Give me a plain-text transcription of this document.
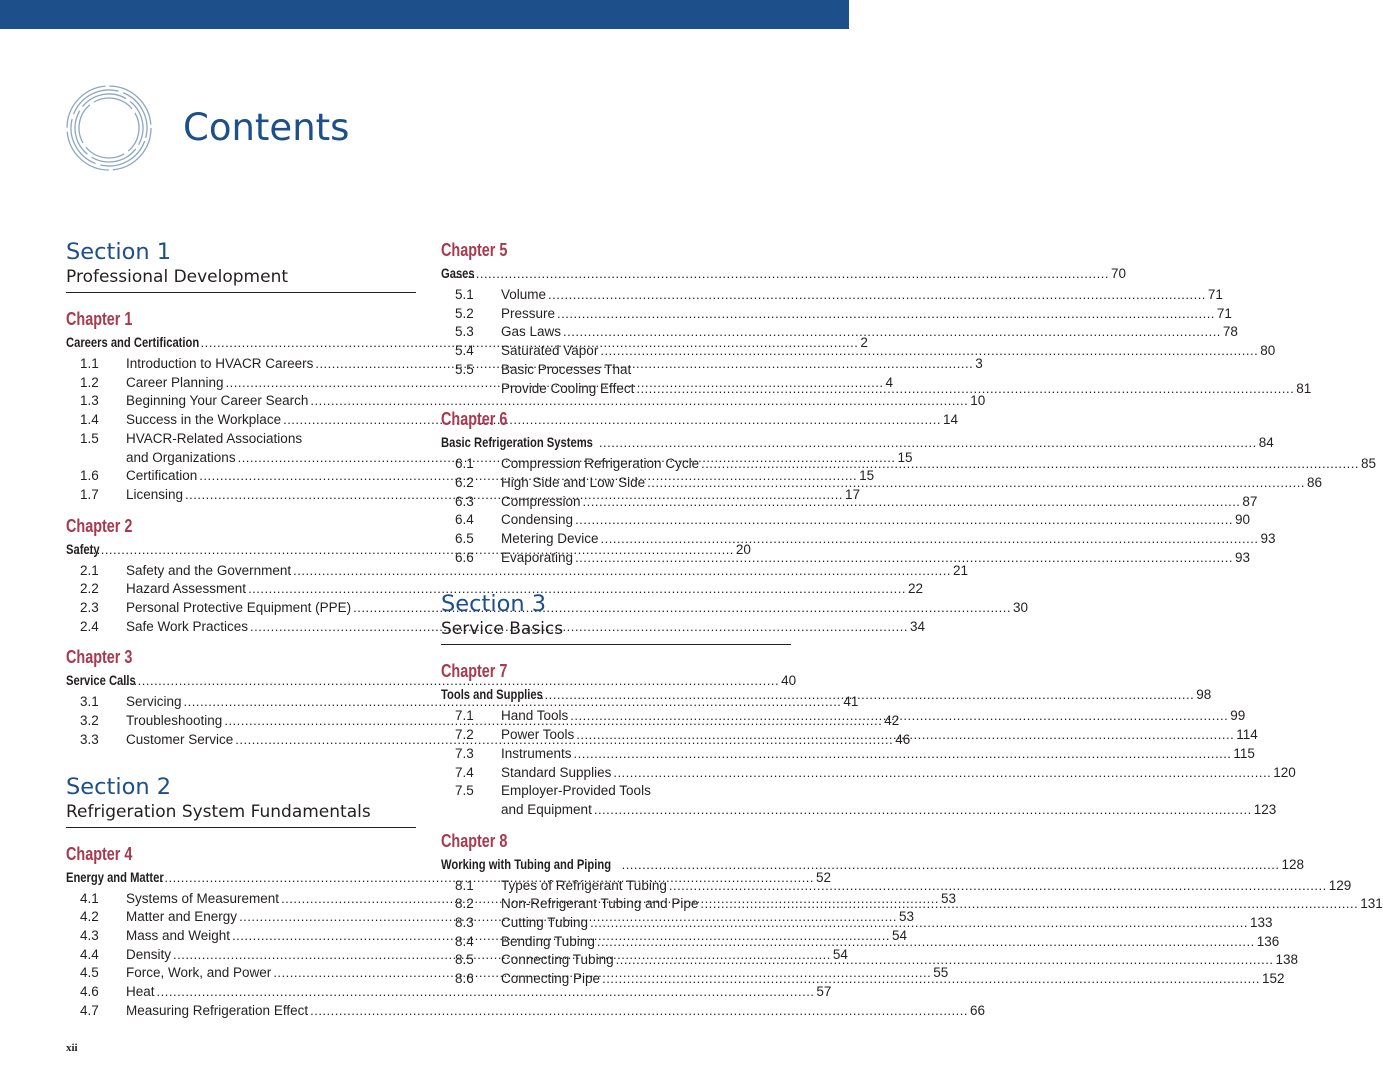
Contents
Section 1
Professional Development
Chapter 1
Careers and Certification .....	2
1.1	Introduction to HVACR Careers .....	3
1.2	Career Planning .....	4
1.3	Beginning Your Career Search .....	10
1.4	Success in the Workplace .....	14
1.5	HVACR-Related Associations
and Organizations .....	15
1.6	Certification .....	15
1.7	Licensing .....	17
Chapter 2
Safety .....	20
2.1	Safety and the Government .....	21
2.2	Hazard Assessment .....	22
2.3	Personal Protective Equipment (PPE) .....	30
2.4	Safe Work Practices .....	34
Chapter 3
Service Calls .....	40
3.1	Servicing .....	41
3.2	Troubleshooting .....	42
3.3	Customer Service .....	46
Section 2
Refrigeration System Fundamentals
Chapter 4
Energy and Matter .....	52
4.1	Systems of Measurement .....	53
4.2	Matter and Energy .....	53
4.3	Mass and Weight .....	54
4.4	Density .....	54
4.5	Force, Work, and Power .....	55
4.6	Heat .....	57
4.7	Measuring Refrigeration Effect .....	66
Chapter 5
Gases .....	70
5.1	Volume .....	71
5.2	Pressure .....	71
5.3	Gas Laws .....	78
5.4	Saturated Vapor .....	80
5.5	Basic Processes That
Provide Cooling Effect .....	81
Chapter 6
Basic Refrigeration Systems .....	84
6.1	Compression Refrigeration Cycle .....	85
6.2	High Side and Low Side .....	86
6.3	Compression .....	87
6.4	Condensing .....	90
6.5	Metering Device .....	93
6.6	Evaporating .....	93
Section 3
Service Basics
Chapter 7
Tools and Supplies .....	98
7.1	Hand Tools .....	99
7.2	Power Tools .....	114
7.3	Instruments .....	115
7.4	Standard Supplies .....	120
7.5	Employer-Provided Tools
and Equipment .....	123
Chapter 8
Working with Tubing and Piping .....	128
8.1	Types of Refrigerant Tubing .....	129
8.2	Non-Refrigerant Tubing and Pipe .....	131
8.3	Cutting Tubing .....	133
8.4	Bending Tubing .....	136
8.5	Connecting Tubing .....	138
8.6	Connecting Pipe .....	152
xii
